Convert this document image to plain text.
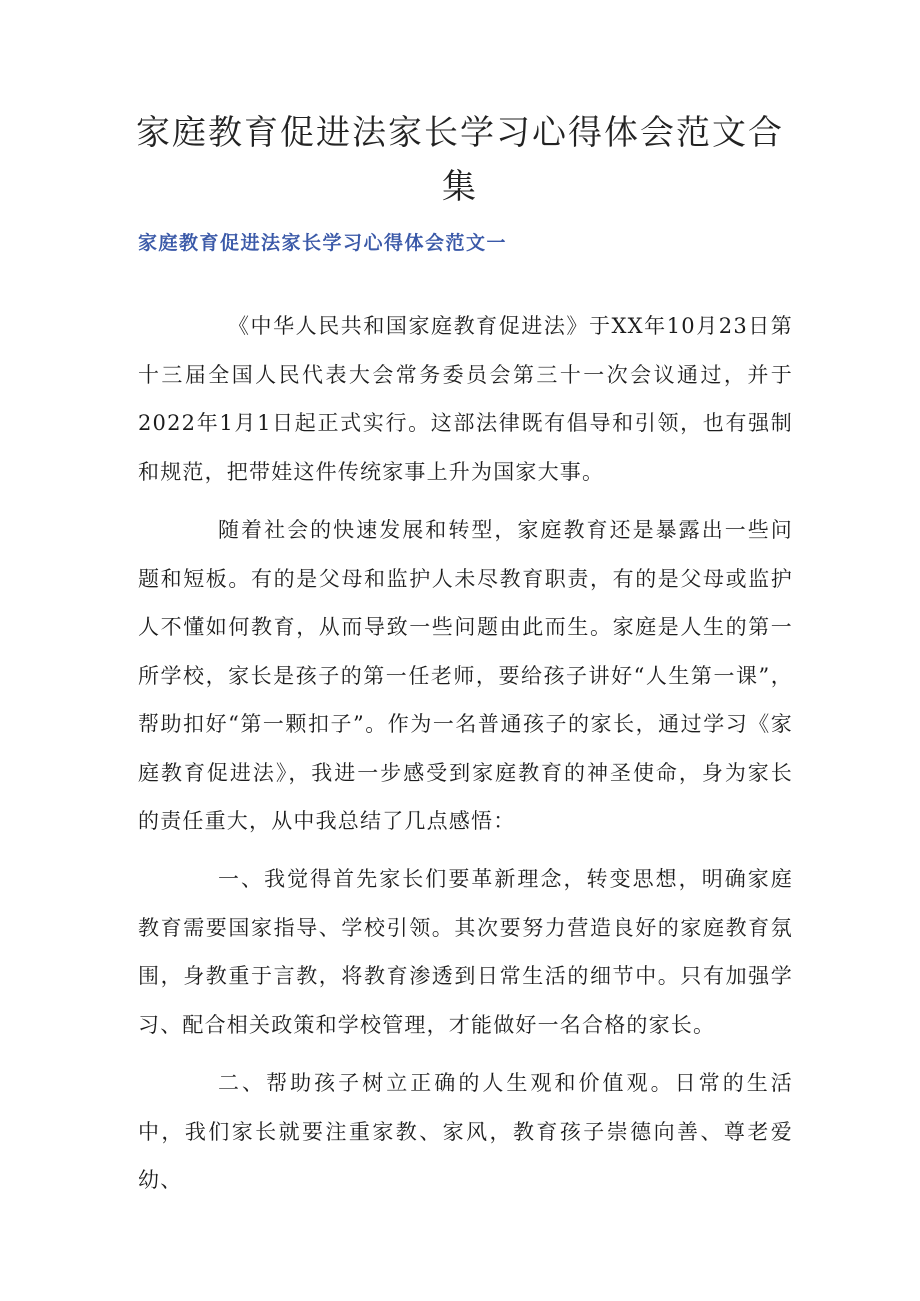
家庭教育促进法家长学习心得体会范文合集
家庭教育促进法家长学习心得体会范文一

《中华人民共和国家庭教育促进法》于XX年10月23日第十三届全国人民代表大会常务委员会第三十一次会议通过，并于2022年1月1日起正式实行。这部法律既有倡导和引领，也有强制和规范，把带娃这件传统家事上升为国家大事。

随着社会的快速发展和转型，家庭教育还是暴露出一些问题和短板。有的是父母和监护人未尽教育职责，有的是父母或监护人不懂如何教育，从而导致一些问题由此而生。家庭是人生的第一所学校，家长是孩子的第一任老师，要给孩子讲好“人生第一课”，帮助扣好“第一颗扣子”。作为一名普通孩子的家长，通过学习《家庭教育促进法》，我进一步感受到家庭教育的神圣使命，身为家长的责任重大，从中我总结了几点感悟：

一、我觉得首先家长们要革新理念，转变思想，明确家庭教育需要国家指导、学校引领。其次要努力营造良好的家庭教育氛围，身教重于言教，将教育渗透到日常生活的细节中。只有加强学习、配合相关政策和学校管理，才能做好一名合格的家长。

二、帮助孩子树立正确的人生观和价值观。日常的生活中，我们家长就要注重家教、家风，教育孩子崇德向善、尊老爱幼、
